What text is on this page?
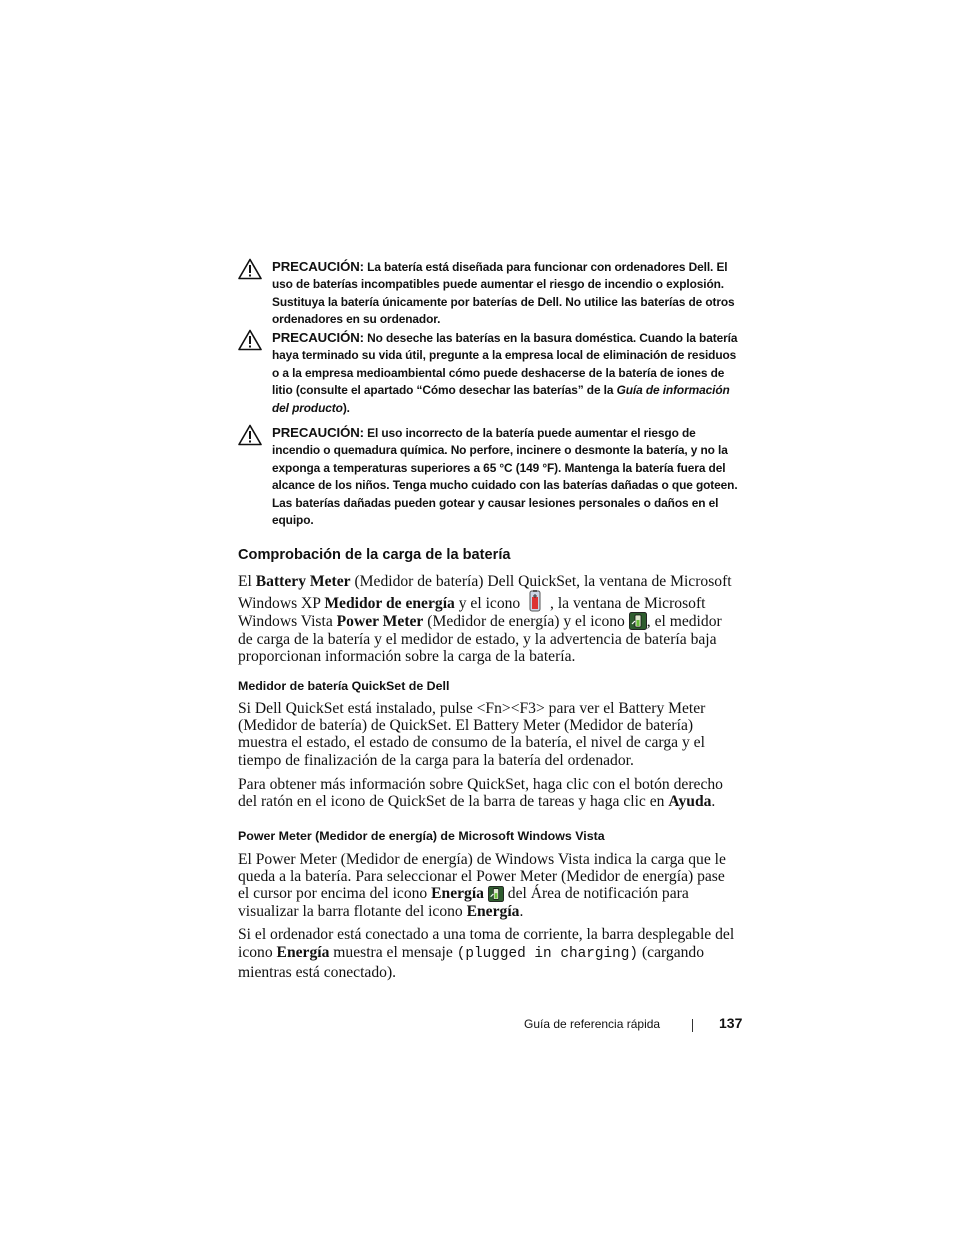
PRECAUCIÓN: La batería está diseñada para funcionar con ordenadores Dell. El uso de baterías incompatibles puede aumentar el riesgo de incendio o explosión. Sustituya la batería únicamente por baterías de Dell. No utilice las baterías de otros ordenadores en su ordenador.
PRECAUCIÓN: No deseche las baterías en la basura doméstica. Cuando la batería haya terminado su vida útil, pregunte a la empresa local de eliminación de residuos o a la empresa medioambiental cómo puede deshacerse de la batería de iones de litio (consulte el apartado “Cómo desechar las baterías” de la Guía de información del producto).
PRECAUCIÓN: El uso incorrecto de la batería puede aumentar el riesgo de incendio o quemadura química. No perfore, incinere o desmonte la batería, y no la exponga a temperaturas superiores a 65 °C (149 °F). Mantenga la batería fuera del alcance de los niños. Tenga mucho cuidado con las baterías dañadas o que goteen. Las baterías dañadas pueden gotear y causar lesiones personales o daños en el equipo.
Comprobación de la carga de la batería
El Battery Meter (Medidor de batería) Dell QuickSet, la ventana de Microsoft Windows XP Medidor de energía y el icono  , la ventana de Microsoft Windows Vista Power Meter (Medidor de energía) y el icono , el medidor de carga de la batería y el medidor de estado, y la advertencia de batería baja proporcionan información sobre la carga de la batería.
Medidor de batería QuickSet de Dell
Si Dell QuickSet está instalado, pulse <Fn><F3> para ver el Battery Meter (Medidor de batería) de QuickSet. El Battery Meter (Medidor de batería) muestra el estado, el estado de consumo de la batería, el nivel de carga y el tiempo de finalización de la carga para la batería del ordenador.
Para obtener más información sobre QuickSet, haga clic con el botón derecho del ratón en el icono de QuickSet de la barra de tareas y haga clic en Ayuda.
Power Meter (Medidor de energía) de Microsoft Windows Vista
El Power Meter (Medidor de energía) de Windows Vista indica la carga que le queda a la batería. Para seleccionar el Power Meter (Medidor de energía) pase el cursor por encima del icono Energía  del Área de notificación para visualizar la barra flotante del icono Energía.
Si el ordenador está conectado a una toma de corriente, la barra desplegable del icono Energía muestra el mensaje (plugged in charging) (cargando mientras está conectado).
Guía de referencia rápida	137
